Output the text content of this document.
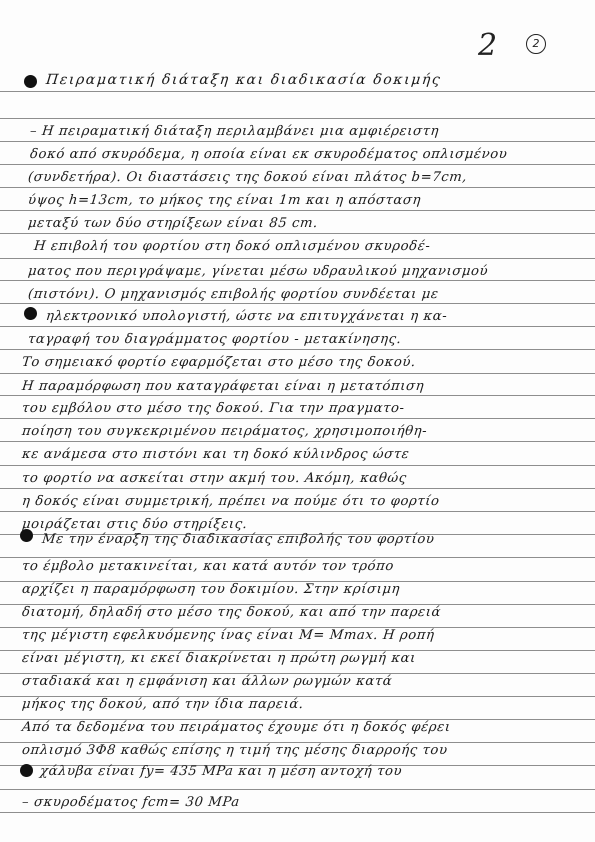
2	2
Πειραματική διάταξη και διαδικασία δοκιμής
– Η πειραματική διάταξη περιλαμβάνει μια αμφιέρειστη
δοκό από σκυρόδεμα, η οποία είναι εκ σκυροδέματος οπλισμένου
(συνδετήρα). Οι διαστάσεις της δοκού είναι πλάτος b=7cm,
ύψος h=13cm, το μήκος της είναι 1m και η απόσταση
μεταξύ των δύο στηρίξεων είναι 85 cm.
Η επιβολή του φορτίου στη δοκό οπλισμένου σκυροδέ-
ματος που περιγράψαμε, γίνεται μέσω υδραυλικού μηχανισμού
(πιστόνι). Ο μηχανισμός επιβολής φορτίου συνδέεται με
ηλεκτρονικό υπολογιστή, ώστε να επιτυγχάνεται η κα-
ταγραφή του διαγράμματος φορτίου - μετακίνησης.
Το σημειακό φορτίο εφαρμόζεται στο μέσο της δοκού.
Η παραμόρφωση που καταγράφεται είναι η μετατόπιση
του εμβόλου στο μέσο της δοκού. Για την πραγματο-
ποίηση του συγκεκριμένου πειράματος, χρησιμοποιήθη-
κε ανάμεσα στο πιστόνι και τη δοκό κύλινδρος ώστε
το φορτίο να ασκείται στην ακμή του. Ακόμη, καθώς
η δοκός είναι συμμετρική, πρέπει να πούμε ότι το φορτίο
μοιράζεται στις δύο στηρίξεις.
Με την έναρξη της διαδικασίας επιβολής του φορτίου
το έμβολο μετακινείται, και κατά αυτόν τον τρόπο
αρχίζει η παραμόρφωση του δοκιμίου. Στην κρίσιμη
διατομή, δηλαδή στο μέσο της δοκού, και από την παρειά
της μέγιστη εφελκυόμενης ίνας είναι Μ= Mmax. Η ροπή
είναι μέγιστη, κι εκεί διακρίνεται η πρώτη ρωγμή και
σταδιακά και η εμφάνιση και άλλων ρωγμών κατά
μήκος της δοκού, από την ίδια παρειά.
Από τα δεδομένα του πειράματος έχουμε ότι η δοκός φέρει
οπλισμό 3Φ8 καθώς επίσης η τιμή της μέσης διαρροής του
χάλυβα είναι fy= 435 MPa και η μέση αντοχή του
– σκυροδέματος fcm= 30 MPa
